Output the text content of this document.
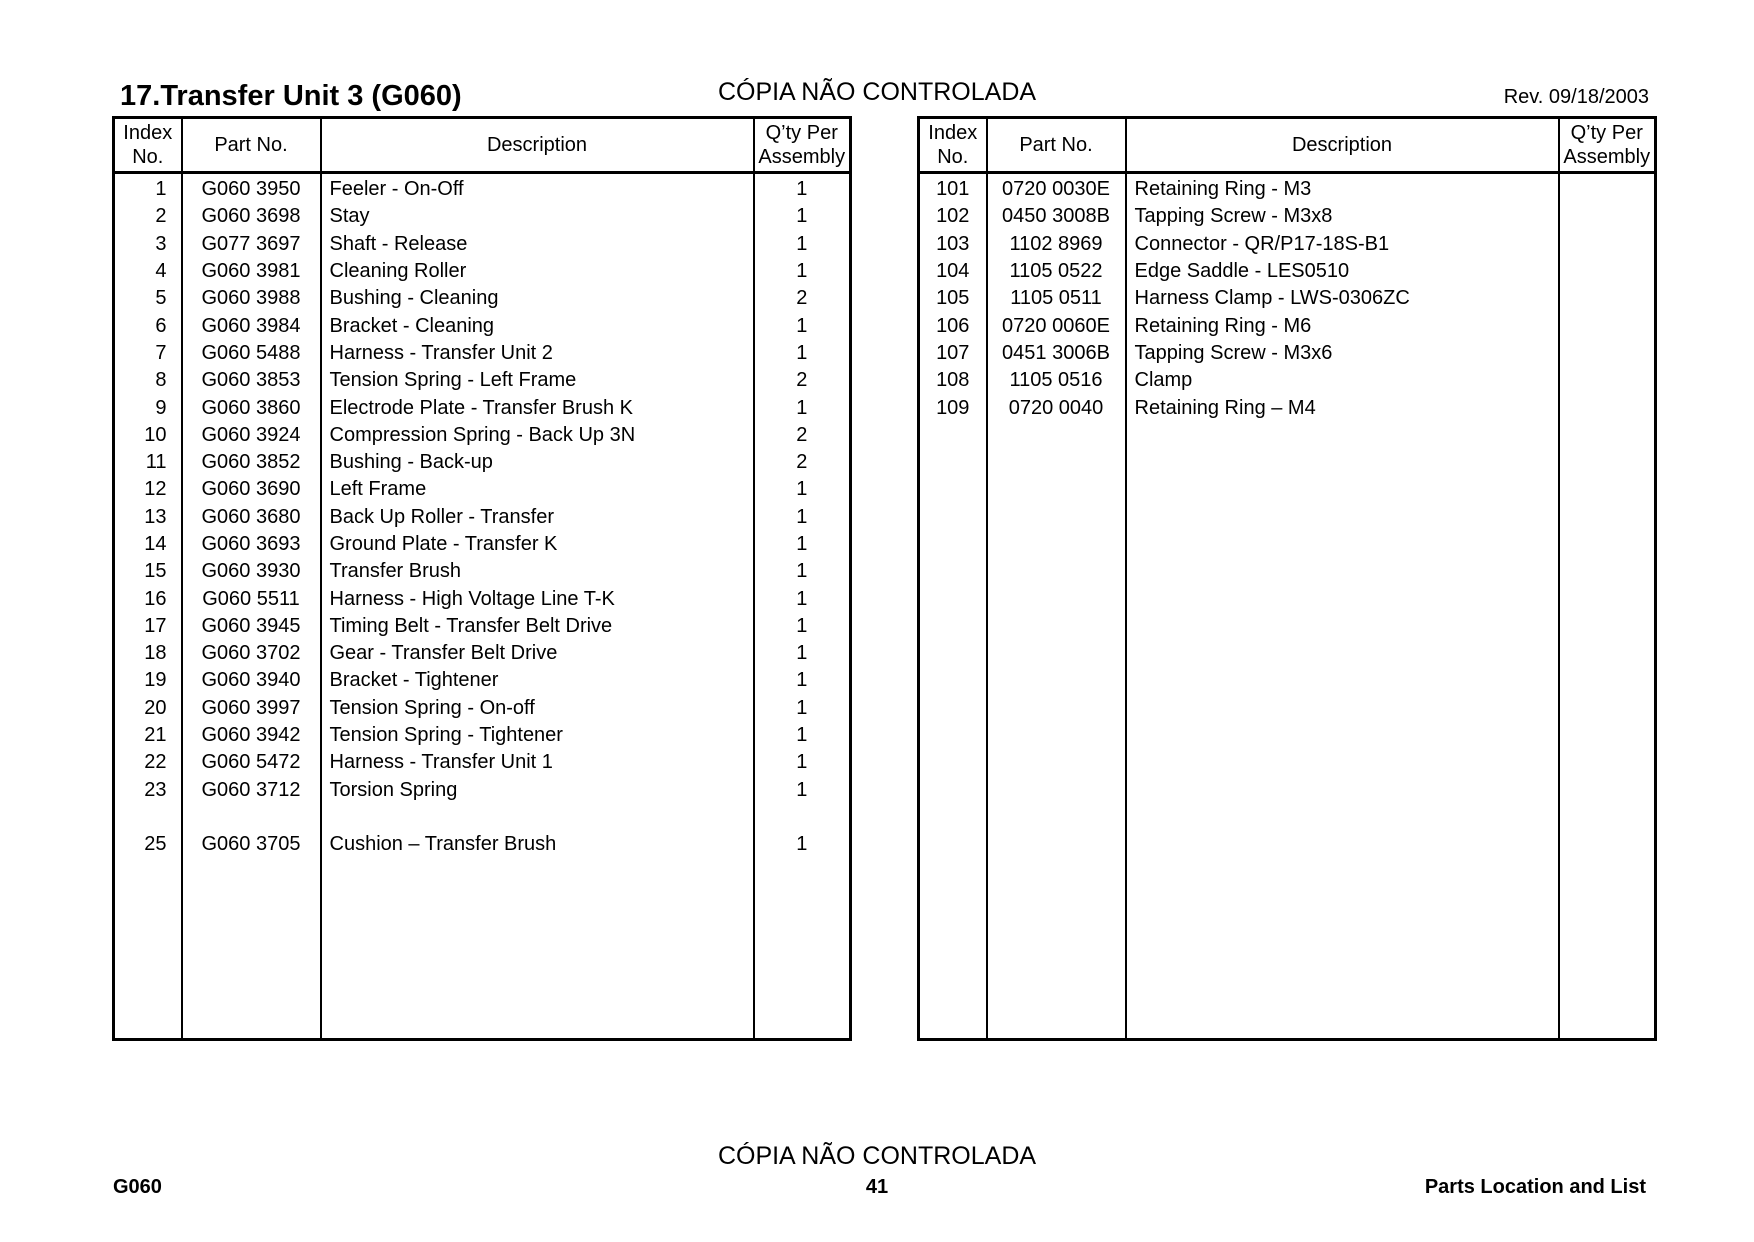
17.Transfer Unit 3 (G060)	CÓPIA NÃO CONTROLADA	Rev. 09/18/2003
Index
No.	Part No.	Description	Q’ty Per
Assembly
1	G060 3950	Feeler - On-Off	1
2	G060 3698	Stay	1
3	G077 3697	Shaft - Release	1
4	G060 3981	Cleaning Roller	1
5	G060 3988	Bushing - Cleaning	2
6	G060 3984	Bracket - Cleaning	1
7	G060 5488	Harness - Transfer Unit 2	1
8	G060 3853	Tension Spring - Left Frame	2
9	G060 3860	Electrode Plate - Transfer Brush K	1
10	G060 3924	Compression Spring - Back Up 3N	2
11	G060 3852	Bushing - Back-up	2
12	G060 3690	Left Frame	1
13	G060 3680	Back Up Roller - Transfer	1
14	G060 3693	Ground Plate - Transfer K	1
15	G060 3930	Transfer Brush	1
16	G060 5511	Harness - High Voltage Line T-K	1
17	G060 3945	Timing Belt - Transfer Belt Drive	1
18	G060 3702	Gear - Transfer Belt Drive	1
19	G060 3940	Bracket - Tightener	1
20	G060 3997	Tension Spring - On-off	1
21	G060 3942	Tension Spring - Tightener	1
22	G060 5472	Harness - Transfer Unit 1	1
23	G060 3712	Torsion Spring	1

25	G060 3705	Cushion – Transfer Brush	1

Index
No.	Part No.	Description	Q’ty Per
Assembly
101	0720 0030E	Retaining Ring - M3	
102	0450 3008B	Tapping Screw - M3x8	
103	1102 8969	Connector - QR/P17-18S-B1	
104	1105 0522	Edge Saddle - LES0510	
105	1105 0511	Harness Clamp - LWS-0306ZC	
106	0720 0060E	Retaining Ring - M6	
107	0451 3006B	Tapping Screw - M3x6	
108	1105 0516	Clamp	
109	0720 0040	Retaining Ring – M4	

CÓPIA NÃO CONTROLADA
G060	41	Parts Location and List
